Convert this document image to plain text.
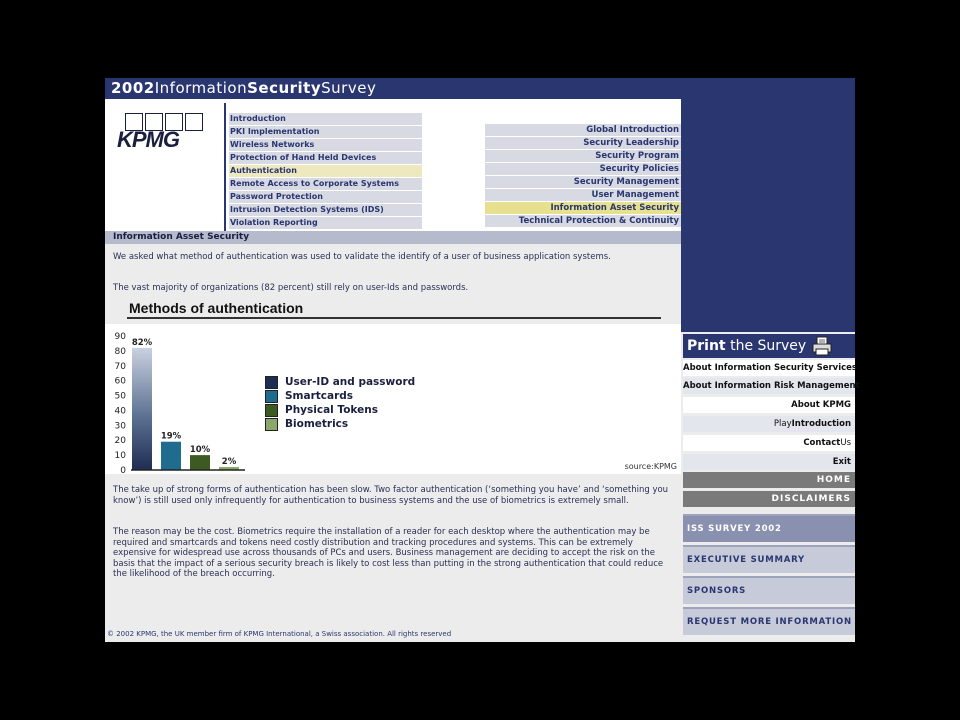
2002InformationSecuritySurvey
KPMG
Introduction
PKI Implementation
Wireless Networks
Protection of Hand Held Devices
Authentication
Remote Access to Corporate Systems
Password Protection
Intrusion Detection Systems (IDS)
Violation Reporting
Global Introduction
Security Leadership
Security Program
Security Policies
Security Management
User Management
Information Asset Security
Technical Protection & Continuity
Information Asset Security
We asked what method of authentication was used to validate the identify of a user of business application systems.
The vast majority of organizations (82 percent) still rely on user-Ids and passwords.
Methods of authentication
0
10
20
30
40
50
60
70
80
90
82%
19%
10%
2%
User-ID and password
Smartcards
Physical Tokens
Biometrics
source:KPMG
The take up of strong forms of authentication has been slow. Two factor authentication (‘something you have’ and ‘something you know’) is still used only infrequently for authentication to business systems and the use of biometrics is extremely small.
The reason may be the cost. Biometrics require the installation of a reader for each desktop where the authentication may be required and smartcards and tokens need costly distribution and tracking procedures and systems. This can be extremely expensive for widespread use across thousands of PCs and users. Business management are deciding to accept the risk on the basis that the impact of a serious security breach is likely to cost less than putting in the strong authentication that could reduce the likelihood of the breach occurring.
© 2002 KPMG, the UK member firm of KPMG International, a Swiss association. All rights reserved
Print the Survey
About Information Security Services
About Information Risk Management
About KPMG
PlayIntroduction
ContactUs
Exit
HOME
DISCLAIMERS
ISS SURVEY 2002
EXECUTIVE SUMMARY
SPONSORS
REQUEST MORE INFORMATION
